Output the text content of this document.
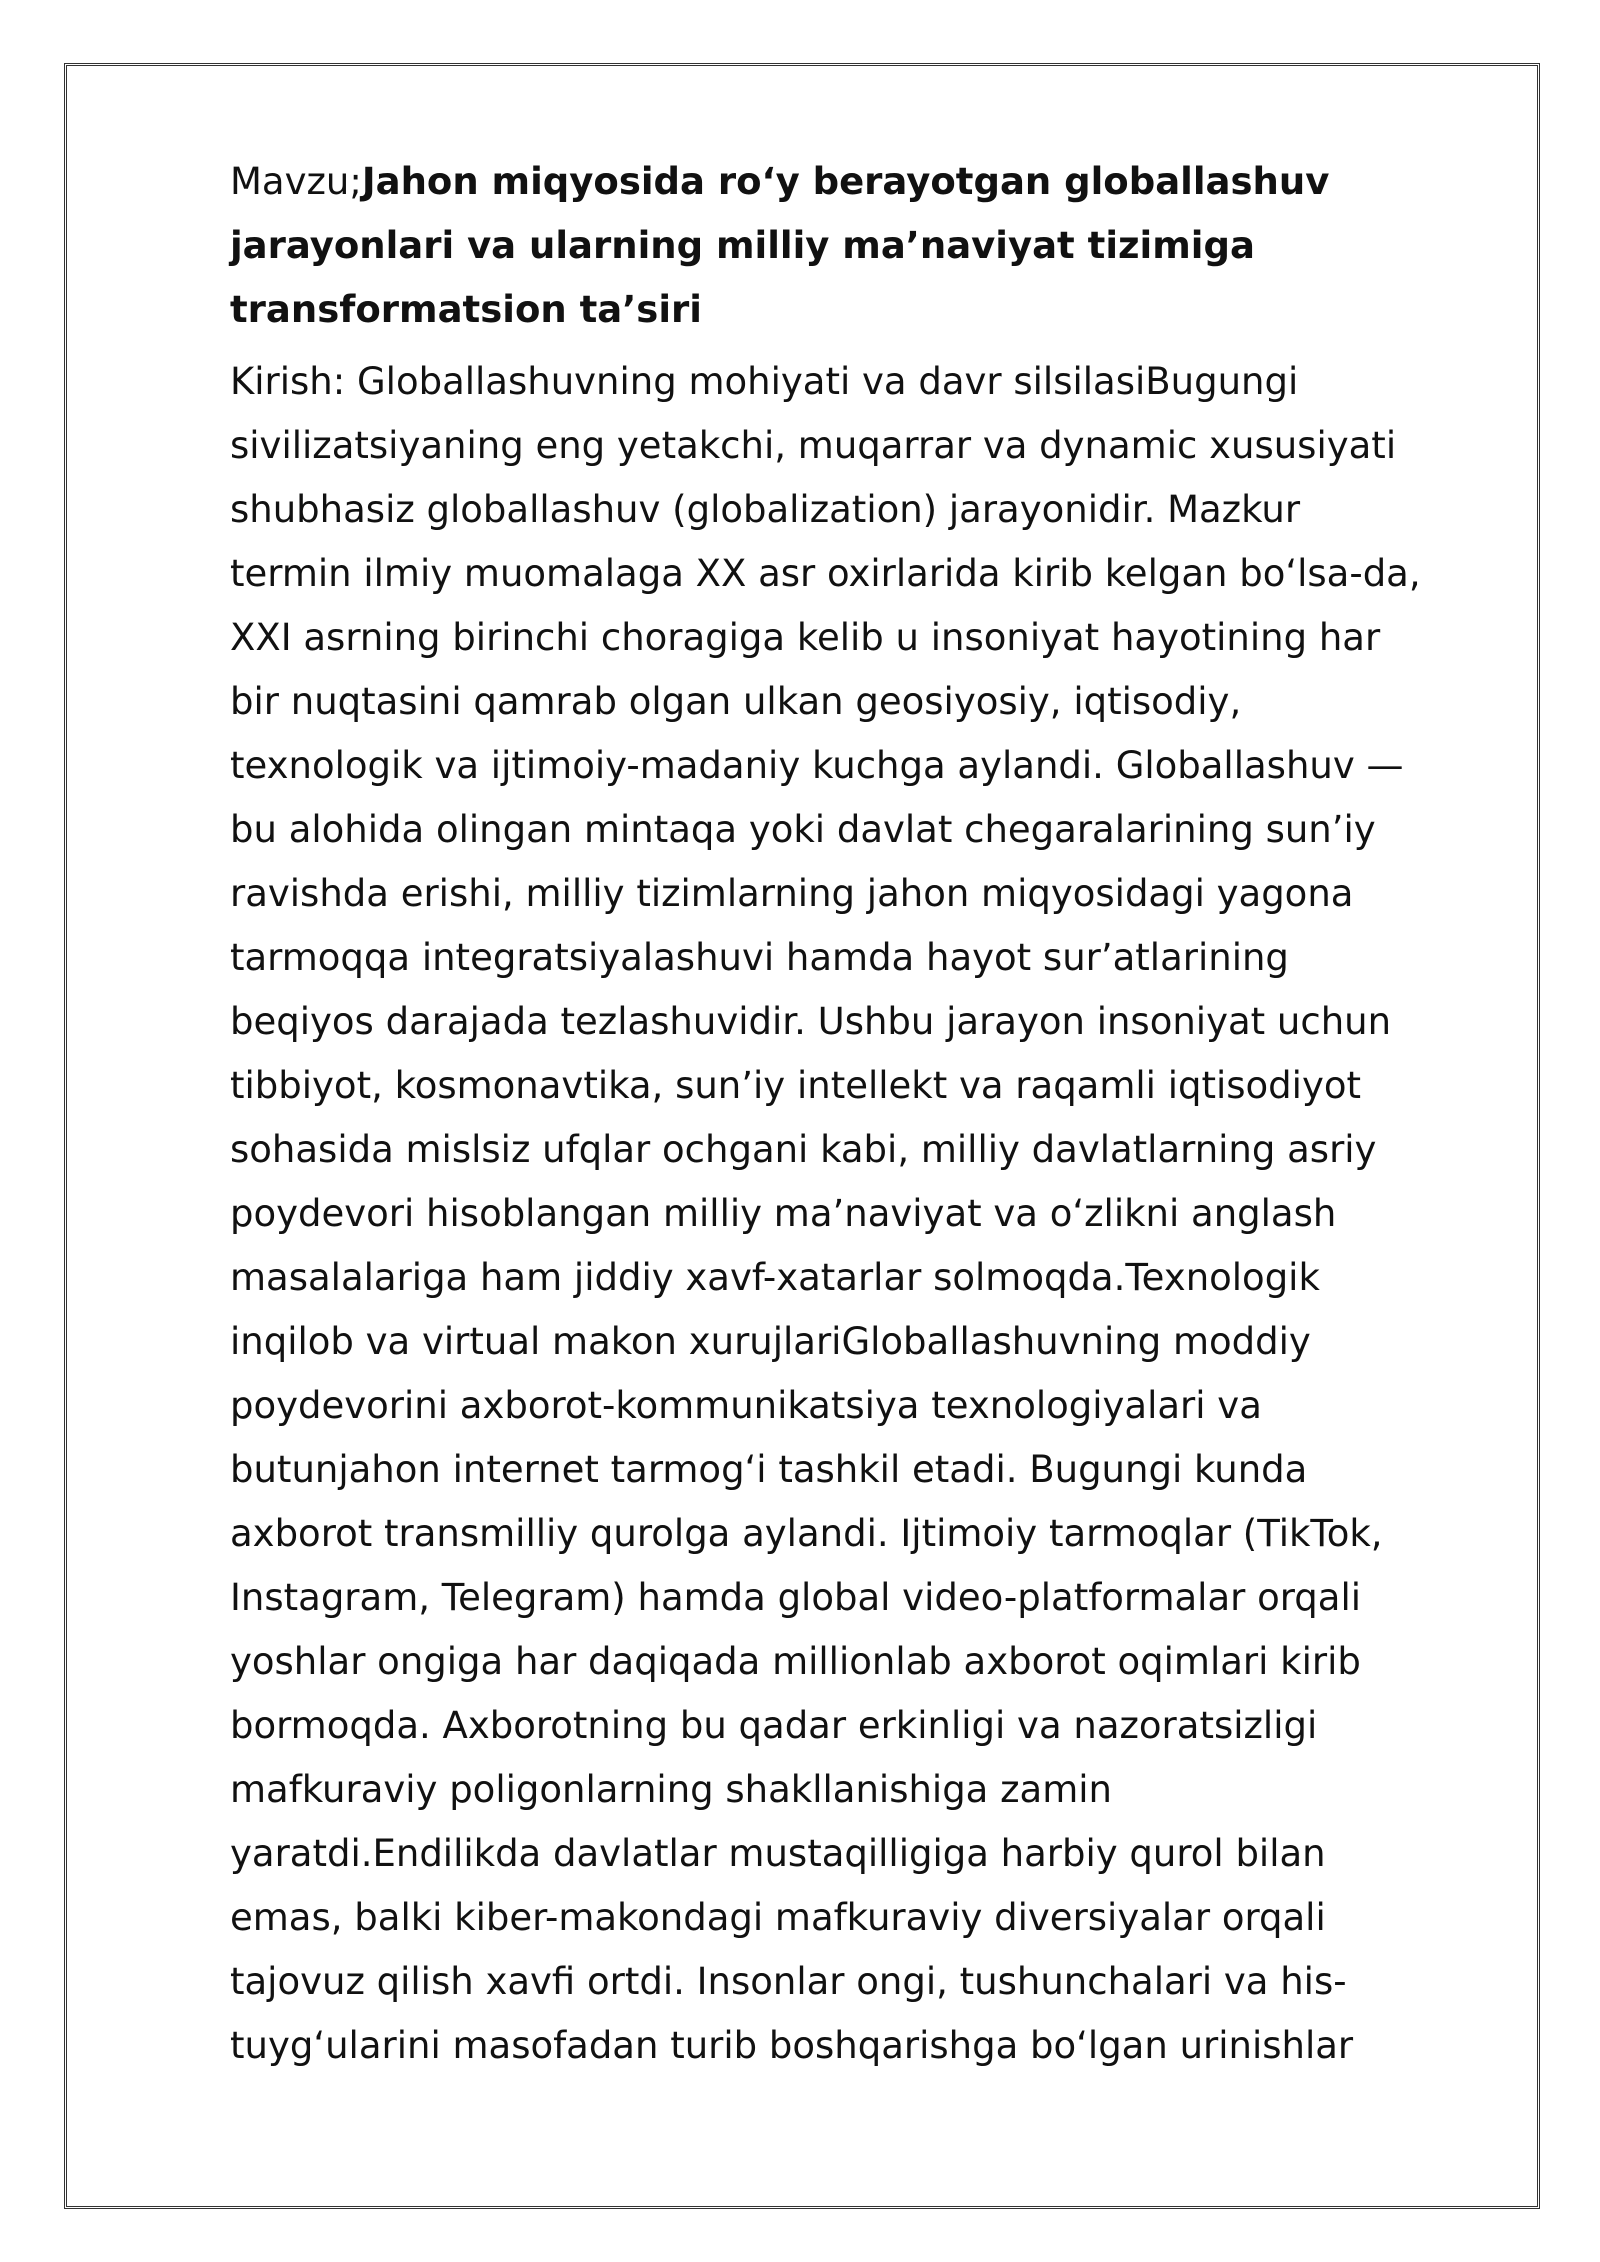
Mavzu;Jahon miqyosida ro‘y berayotgan globallashuv jarayonlari va ularning milliy ma’naviyat tizimiga transformatsion ta’siri

Kirish: Globallashuvning mohiyati va davr silsilasiBugungi
sivilizatsiyaning eng yetakchi, muqarrar va dynamic xususiyati
shubhasiz globallashuv (globalization) jarayonidir. Mazkur
termin ilmiy muomalaga XX asr oxirlarida kirib kelgan bo‘lsa-da,
XXI asrning birinchi choragiga kelib u insoniyat hayotining har
bir nuqtasini qamrab olgan ulkan geosiyosiy, iqtisodiy,
texnologik va ijtimoiy-madaniy kuchga aylandi. Globallashuv —
bu alohida olingan mintaqa yoki davlat chegaralarining sun’iy
ravishda erishi, milliy tizimlarning jahon miqyosidagi yagona
tarmoqqa integratsiyalashuvi hamda hayot sur’atlarining
beqiyos darajada tezlashuvidir. Ushbu jarayon insoniyat uchun
tibbiyot, kosmonavtika, sun’iy intellekt va raqamli iqtisodiyot
sohasida mislsiz ufqlar ochgani kabi, milliy davlatlarning asriy
poydevori hisoblangan milliy ma’naviyat va o‘zlikni anglash
masalalariga ham jiddiy xavf-xatarlar solmoqda.Texnologik
inqilob va virtual makon xurujlariGloballashuvning moddiy
poydevorini axborot-kommunikatsiya texnologiyalari va
butunjahon internet tarmog‘i tashkil etadi. Bugungi kunda
axborot transmilliy qurolga aylandi. Ijtimoiy tarmoqlar (TikTok,
Instagram, Telegram) hamda global video-platformalar orqali
yoshlar ongiga har daqiqada millionlab axborot oqimlari kirib
bormoqda. Axborotning bu qadar erkinligi va nazoratsizligi
mafkuraviy poligonlarning shakllanishiga zamin
yaratdi.Endilikda davlatlar mustaqilligiga harbiy qurol bilan
emas, balki kiber-makondagi mafkuraviy diversiyalar orqali
tajovuz qilish xavfi ortdi. Insonlar ongi, tushunchalari va his-
tuyg‘ularini masofadan turib boshqarishga bo‘lgan urinishlar
